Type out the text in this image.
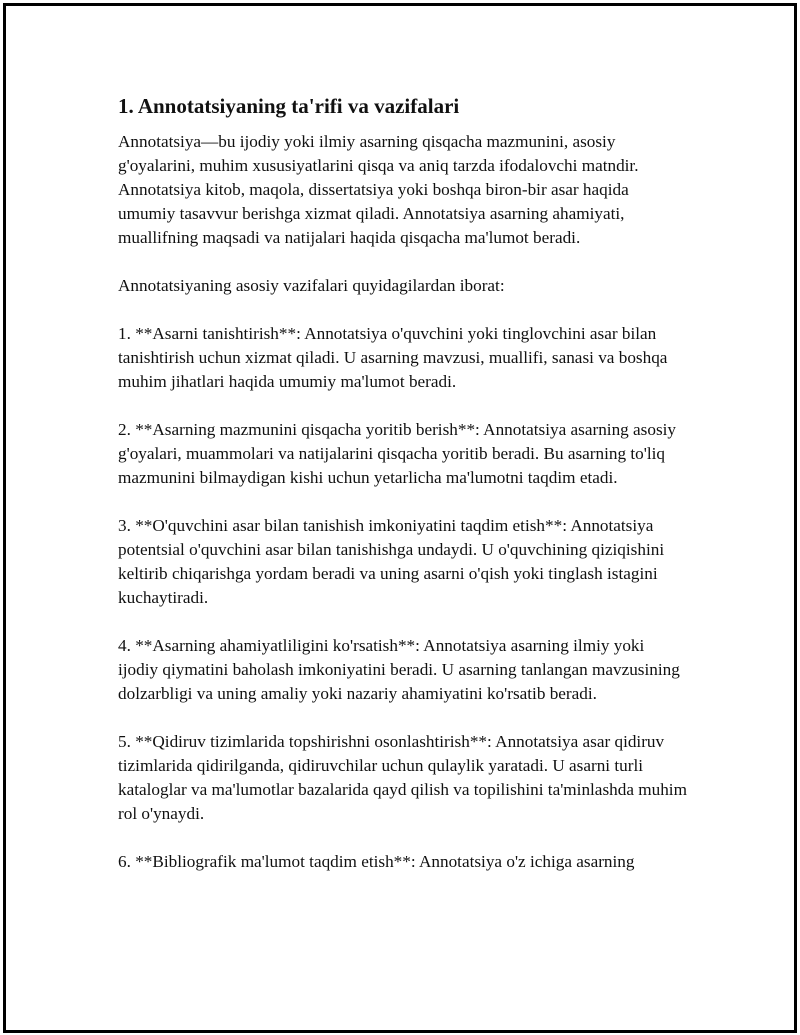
1. Annotatsiyaning ta'rifi va vazifalari

Annotatsiya—bu ijodiy yoki ilmiy asarning qisqacha mazmunini, asosiy g'oyalarini, muhim xususiyatlarini qisqa va aniq tarzda ifodalovchi matndir. Annotatsiya kitob, maqola, dissertatsiya yoki boshqa biron-bir asar haqida umumiy tasavvur berishga xizmat qiladi. Annotatsiya asarning ahamiyati, muallifning maqsadi va natijalari haqida qisqacha ma'lumot beradi.

Annotatsiyaning asosiy vazifalari quyidagilardan iborat:

1. **Asarni tanishtirish**: Annotatsiya o'quvchini yoki tinglovchini asar bilan tanishtirish uchun xizmat qiladi. U asarning mavzusi, muallifi, sanasi va boshqa muhim jihatlari haqida umumiy ma'lumot beradi.

2. **Asarning mazmunini qisqacha yoritib berish**: Annotatsiya asarning asosiy g'oyalari, muammolari va natijalarini qisqacha yoritib beradi. Bu asarning to'liq mazmunini bilmaydigan kishi uchun yetarlicha ma'lumotni taqdim etadi.

3. **O'quvchini asar bilan tanishish imkoniyatini taqdim etish**: Annotatsiya potentsial o'quvchini asar bilan tanishishga undaydi. U o'quvchining qiziqishini keltirib chiqarishga yordam beradi va uning asarni o'qish yoki tinglash istagini kuchaytiradi.

4. **Asarning ahamiyatliligini ko'rsatish**: Annotatsiya asarning ilmiy yoki ijodiy qiymatini baholash imkoniyatini beradi. U asarning tanlangan mavzusining dolzarbligi va uning amaliy yoki nazariy ahamiyatini ko'rsatib beradi.

5. **Qidiruv tizimlarida topshirishni osonlashtirish**: Annotatsiya asar qidiruv tizimlarida qidirilganda, qidiruvchilar uchun qulaylik yaratadi. U asarni turli kataloglar va ma'lumotlar bazalarida qayd qilish va topilishini ta'minlashda muhim rol o'ynaydi.

6. **Bibliografik ma'lumot taqdim etish**: Annotatsiya o'z ichiga asarning
